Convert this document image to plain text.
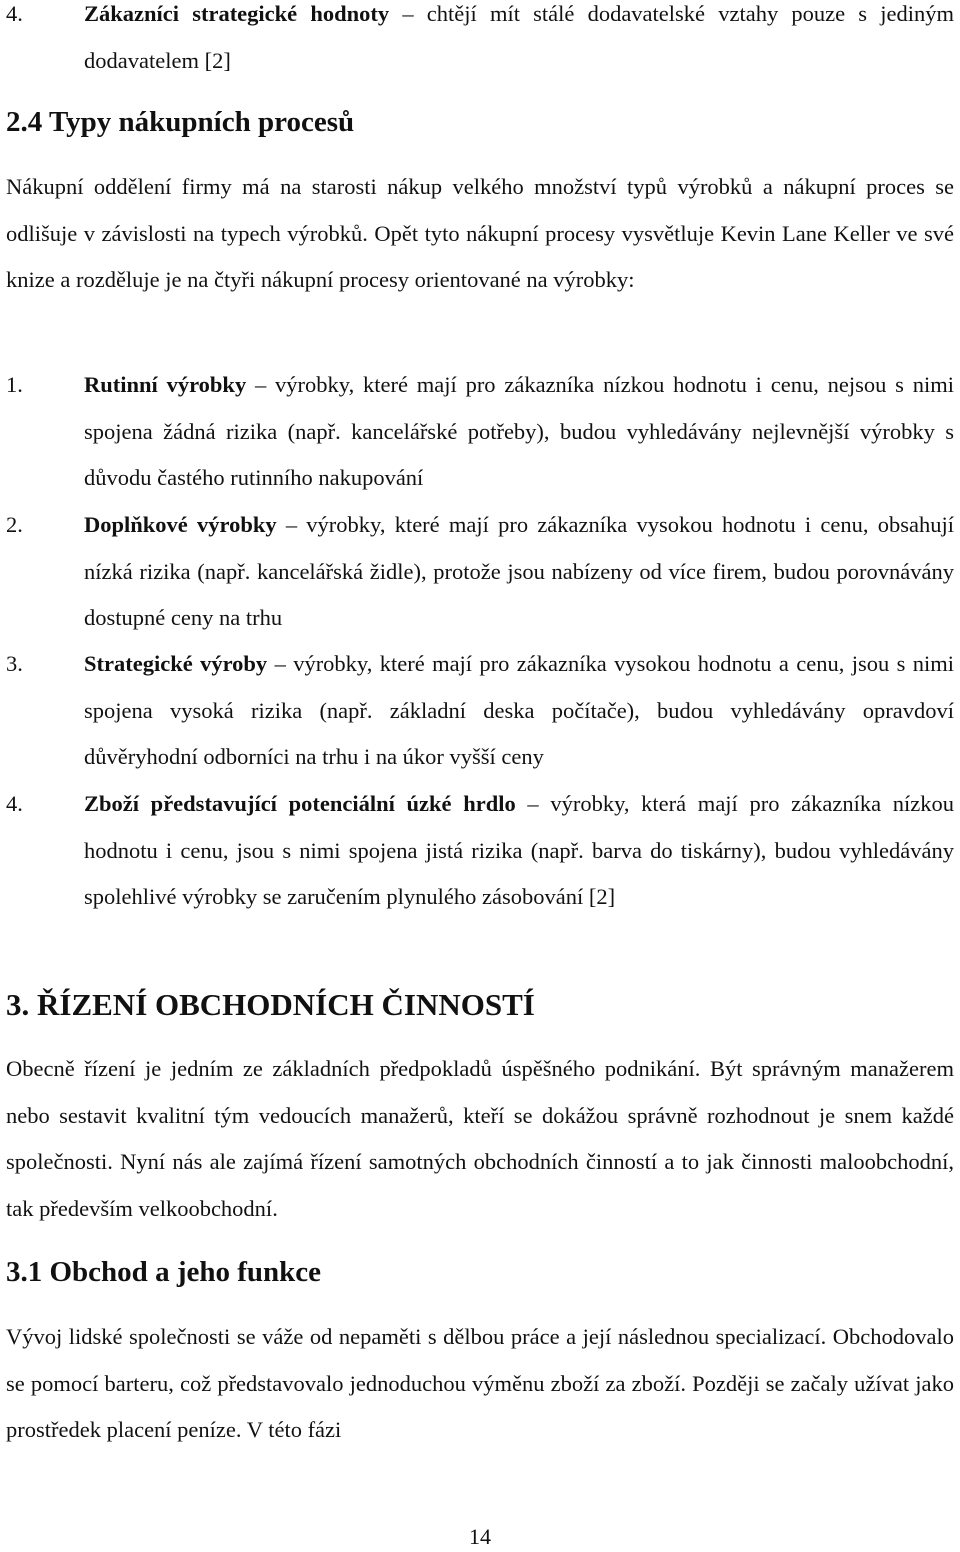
4.	Zákazníci strategické hodnoty – chtějí mít stálé dodavatelské vztahy pouze s jediným dodavatelem [2]
2.4 Typy nákupních procesů

Nákupní oddělení firmy má na starosti nákup velkého množství typů výrobků a nákupní proces se odlišuje v závislosti na typech výrobků. Opět tyto nákupní procesy vysvětluje Kevin Lane Keller ve své knize a rozděluje je na čtyři nákupní procesy orientované na výrobky:

1.	Rutinní výrobky – výrobky, které mají pro zákazníka nízkou hodnotu i cenu, nejsou s nimi spojena žádná rizika (např. kancelářské potřeby), budou vyhledávány nejlevnější výrobky s důvodu častého rutinního nakupování
2.	Doplňkové výrobky – výrobky, které mají pro zákazníka vysokou hodnotu i cenu, obsahují nízká rizika (např. kancelářská židle), protože jsou nabízeny od více firem, budou porovnávány dostupné ceny na trhu
3.	Strategické výroby – výrobky, které mají pro zákazníka vysokou hodnotu a cenu, jsou s nimi spojena vysoká rizika (např. základní deska počítače), budou vyhledávány opravdoví důvěryhodní odborníci na trhu i na úkor vyšší ceny
4.	Zboží představující potenciální úzké hrdlo – výrobky, která mají pro zákazníka nízkou hodnotu i cenu, jsou s nimi spojena jistá rizika (např. barva do tiskárny), budou vyhledávány spolehlivé výrobky se zaručením plynulého zásobování [2]
3. ŘÍZENÍ OBCHODNÍCH ČINNOSTÍ

Obecně řízení je jedním ze základních předpokladů úspěšného podnikání. Být správným manažerem nebo sestavit kvalitní tým vedoucích manažerů, kteří se dokážou správně rozhodnout je snem každé společnosti. Nyní nás ale zajímá řízení samotných obchodních činností a to jak činnosti maloobchodní, tak především velkoobchodní.

3.1 Obchod a jeho funkce

Vývoj lidské společnosti se váže od nepaměti s dělbou práce a její následnou specializací. Obchodovalo se pomocí barteru, což představovalo jednoduchou výměnu zboží za zboží. Později se začaly užívat jako prostředek placení peníze. V této fázi

14
